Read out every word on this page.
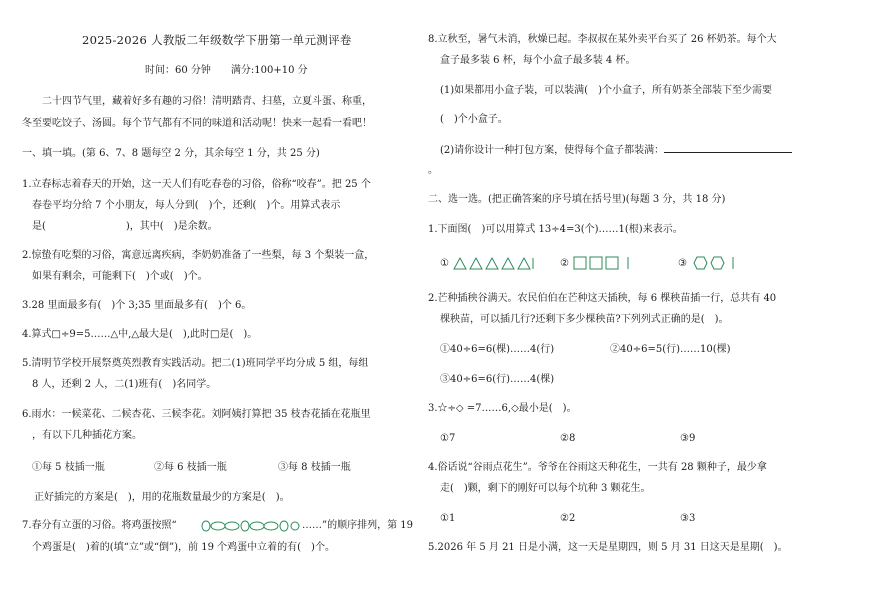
2025-2026 人教版二年级数学下册第一单元测评卷
时间：60 分钟　　满分:100+10 分
二十四节气里，藏着好多有趣的习俗！清明踏青、扫墓，立夏斗蛋、称重，
冬至要吃饺子、汤圆。每个节气都有不同的味道和活动呢！快来一起看一看吧！
一、填一填。(第 6、7、8 题每空 2 分，其余每空 1 分，共 25 分)
1.立春标志着春天的开始，这一天人们有吃春卷的习俗，俗称“咬春”。把 25 个
春卷平均分给 7 个小朋友，每人分到(　)个，还剩(　)个。用算式表示
是(　　　　　　　　)，其中(　)是余数。
2.惊蛰有吃梨的习俗，寓意远离疾病，李奶奶准备了一些梨，每 3 个梨装一盒，
如果有剩余，可能剩下(　)个或(　)个。
3.28 里面最多有(　)个 3;35 里面最多有(　)个 6。
4.算式□÷9=5……△中,△最大是(　),此时□是(　)。
5.清明节学校开展祭奠英烈教育实践活动。把二(1)班同学平均分成 5 组，每组
8 人，还剩 2 人，二(1)班有(　)名同学。
6.雨水：一候菜花、二候杏花、三候李花。刘阿姨打算把 35 枝杏花插在花瓶里
，有以下几种插花方案。
①每 5 枝插一瓶	②每 6 枝插一瓶	③每 8 枝插一瓶
正好插完的方案是(　)，用的花瓶数量最少的方案是(　)。
7.春分有立蛋的习俗。将鸡蛋按照“	……”的顺序排列，第 19
个鸡蛋是(　)着的(填“立”或“倒”)，前 19 个鸡蛋中立着的有(　)个。
8.立秋至，暑气未消，秋燥已起。李叔叔在某外卖平台买了 26 杯奶茶。每个大
盒子最多装 6 杯，每个小盒子最多装 4 杯。
(1)如果都用小盒子装，可以装满(　)个小盒子，所有奶茶全部装下至少需要
(　)个小盒子。
(2)请你设计一种打包方案，使得每个盒子都装满：
。
二、选一选。(把正确答案的序号填在括号里)(每题 3 分，共 18 分)
1.下面图(　)可以用算式 13÷4=3(个)……1(根)来表示。
①	②	③
2.芒种插秧谷满天。农民伯伯在芒种这天插秧，每 6 棵秧苗插一行，总共有 40
棵秧苗，可以插几行?还剩下多少棵秧苗?下列列式正确的是(　)。
①40÷6=6(棵)……4(行)	②40÷6=5(行)……10(棵)
③40÷6=6(行)……4(棵)
3.☆÷◇ =7……6,◇最小是(　)。
①7	②8	③9
4.俗话说“谷雨点花生”。爷爷在谷雨这天种花生，一共有 28 颗种子，最少拿
走(　)颗，剩下的刚好可以每个坑种 3 颗花生。
①1	②2	③3
5.2026 年 5 月 21 日是小满，这一天是星期四，则 5 月 31 日这天是星期(　)。
